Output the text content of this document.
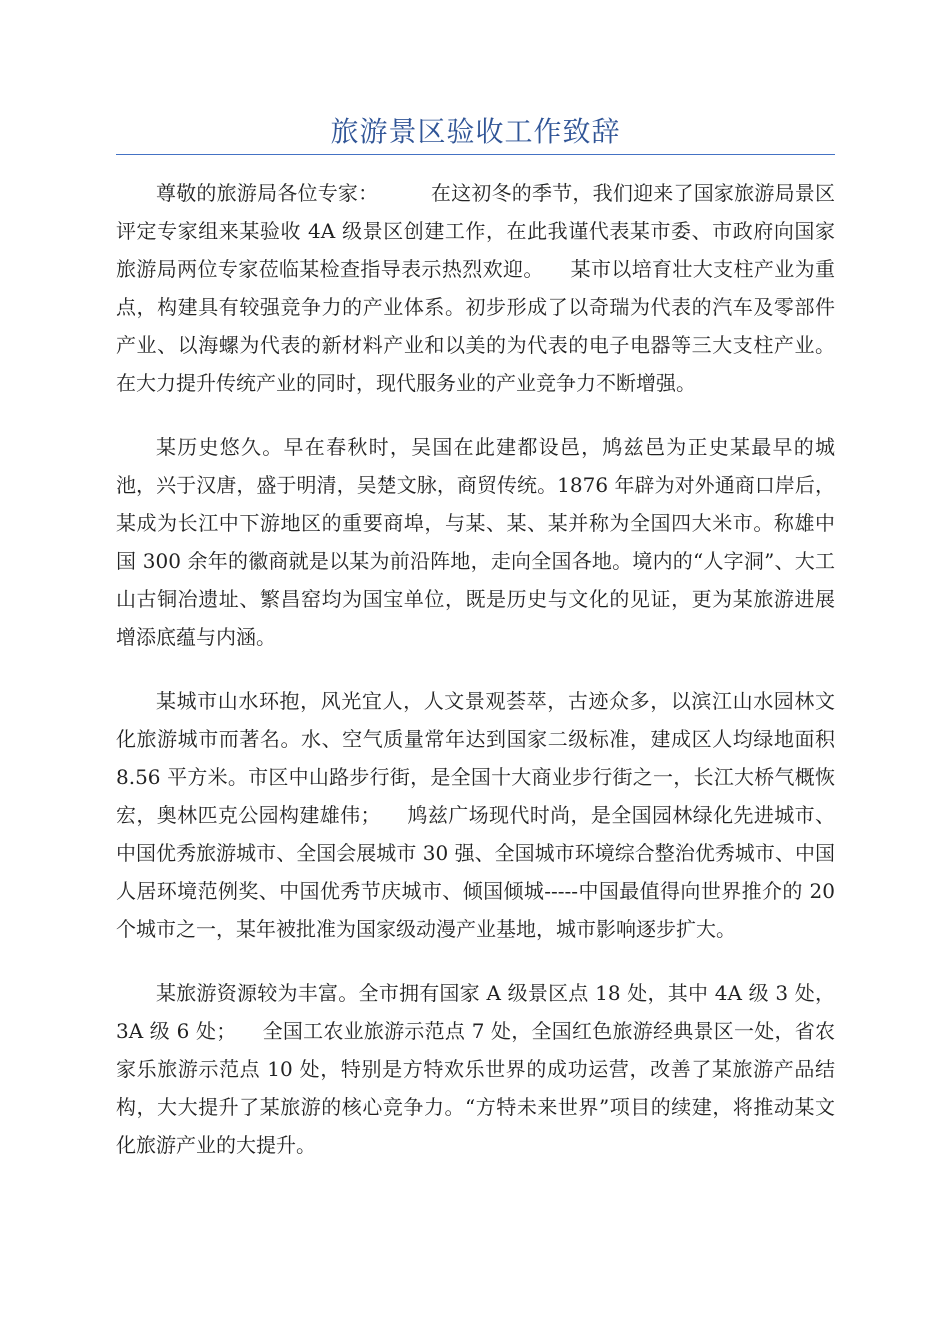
旅游景区验收工作致辞

尊敬的旅游局各位专家：        在这初冬的季节，我们迎来了国家旅游局景区评定专家组来某验收 4A 级景区创建工作，在此我谨代表某市委、市政府向国家旅游局两位专家莅临某检查指导表示热烈欢迎。    某市以培育壮大支柱产业为重点，构建具有较强竞争力的产业体系。初步形成了以奇瑞为代表的汽车及零部件产业、以海螺为代表的新材料产业和以美的为代表的电子电器等三大支柱产业。在大力提升传统产业的同时，现代服务业的产业竞争力不断增强。

某历史悠久。早在春秋时，吴国在此建都设邑，鸠兹邑为正史某最早的城池，兴于汉唐，盛于明清，吴楚文脉，商贸传统。1876 年辟为对外通商口岸后，某成为长江中下游地区的重要商埠，与某、某、某并称为全国四大米市。称雄中国 300 余年的徽商就是以某为前沿阵地，走向全国各地。境内的“人字洞”、大工山古铜冶遗址、繁昌窑均为国宝单位，既是历史与文化的见证，更为某旅游进展增添底蕴与内涵。

某城市山水环抱，风光宜人，人文景观荟萃，古迹众多，以滨江山水园林文化旅游城市而著名。水、空气质量常年达到国家二级标准，建成区人均绿地面积 8.56 平方米。市区中山路步行街，是全国十大商业步行街之一，长江大桥气概恢宏，奥林匹克公园构建雄伟；    鸠兹广场现代时尚，是全国园林绿化先进城市、中国优秀旅游城市、全国会展城市 30 强、全国城市环境综合整治优秀城市、中国人居环境范例奖、中国优秀节庆城市、倾国倾城-----中国最值得向世界推介的 20 个城市之一，某年被批准为国家级动漫产业基地，城市影响逐步扩大。

某旅游资源较为丰富。全市拥有国家 A 级景区点 18 处，其中 4A 级 3 处，3A 级 6 处；    全国工农业旅游示范点 7 处，全国红色旅游经典景区一处，省农家乐旅游示范点 10 处，特别是方特欢乐世界的成功运营，改善了某旅游产品结构，大大提升了某旅游的核心竞争力。“方特未来世界”项目的续建，将推动某文化旅游产业的大提升。
